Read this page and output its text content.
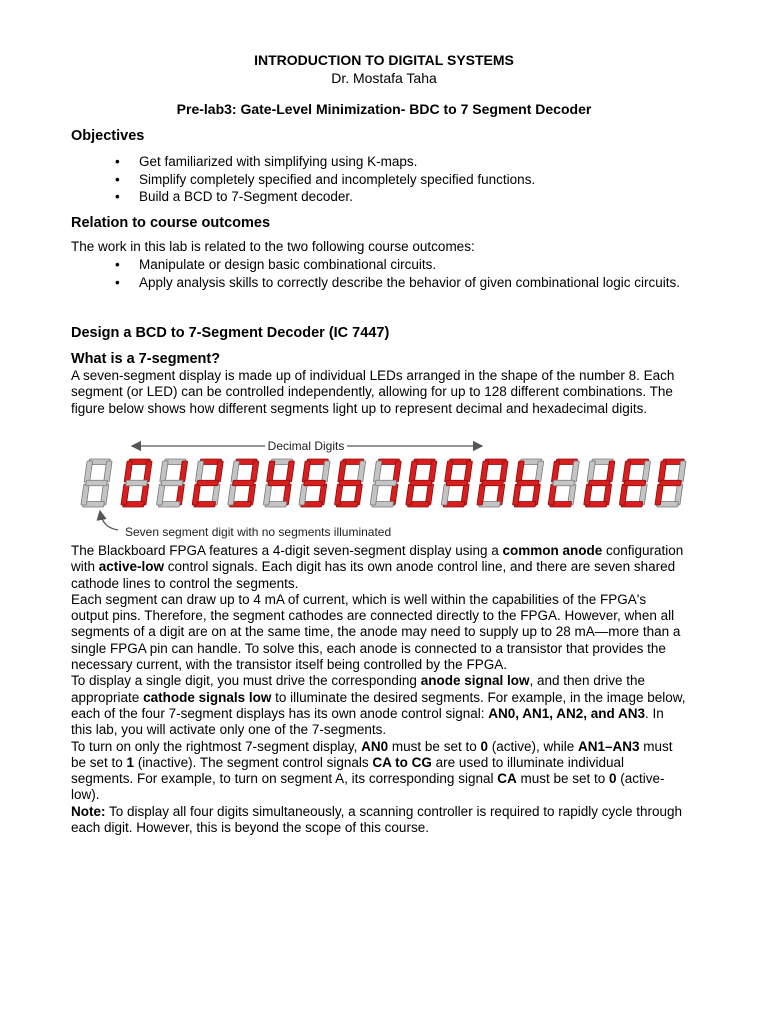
INTRODUCTION TO DIGITAL SYSTEMS
Dr. Mostafa Taha
Pre-lab3: Gate-Level Minimization- BDC to 7 Segment Decoder
Objectives
• Get familiarized with simplifying using K-maps.
• Simplify completely specified and incompletely specified functions.
• Build a BCD to 7-Segment decoder.
Relation to course outcomes

The work in this lab is related to the two following course outcomes:

• Manipulate or design basic combinational circuits.
• Apply analysis skills to correctly describe the behavior of given combinational logic circuits.
Design a BCD to 7-Segment Decoder (IC 7447)
What is a 7-segment?

A seven-segment display is made up of individual LEDs arranged in the shape of the number 8. Each
segment (or LED) can be controlled independently, allowing for up to 128 different combinations. The
figure below shows how different segments light up to represent decimal and hexadecimal digits.

Decimal Digits
Seven segment digit with no segments illuminated

The Blackboard FPGA features a 4-digit seven-segment display using a common anode configuration
with active-low control signals. Each digit has its own anode control line, and there are seven shared
cathode lines to control the segments.
Each segment can draw up to 4 mA of current, which is well within the capabilities of the FPGA's
output pins. Therefore, the segment cathodes are connected directly to the FPGA. However, when all
segments of a digit are on at the same time, the anode may need to supply up to 28 mA—more than a
single FPGA pin can handle. To solve this, each anode is connected to a transistor that provides the
necessary current, with the transistor itself being controlled by the FPGA.
To display a single digit, you must drive the corresponding anode signal low, and then drive the
appropriate cathode signals low to illuminate the desired segments. For example, in the image below,
each of the four 7-segment displays has its own anode control signal: AN0, AN1, AN2, and AN3. In
this lab, you will activate only one of the 7-segments.
To turn on only the rightmost 7-segment display, AN0 must be set to 0 (active), while AN1–AN3 must
be set to 1 (inactive). The segment control signals CA to CG are used to illuminate individual
segments. For example, to turn on segment A, its corresponding signal CA must be set to 0 (active-
low).
Note: To display all four digits simultaneously, a scanning controller is required to rapidly cycle through
each digit. However, this is beyond the scope of this course.
